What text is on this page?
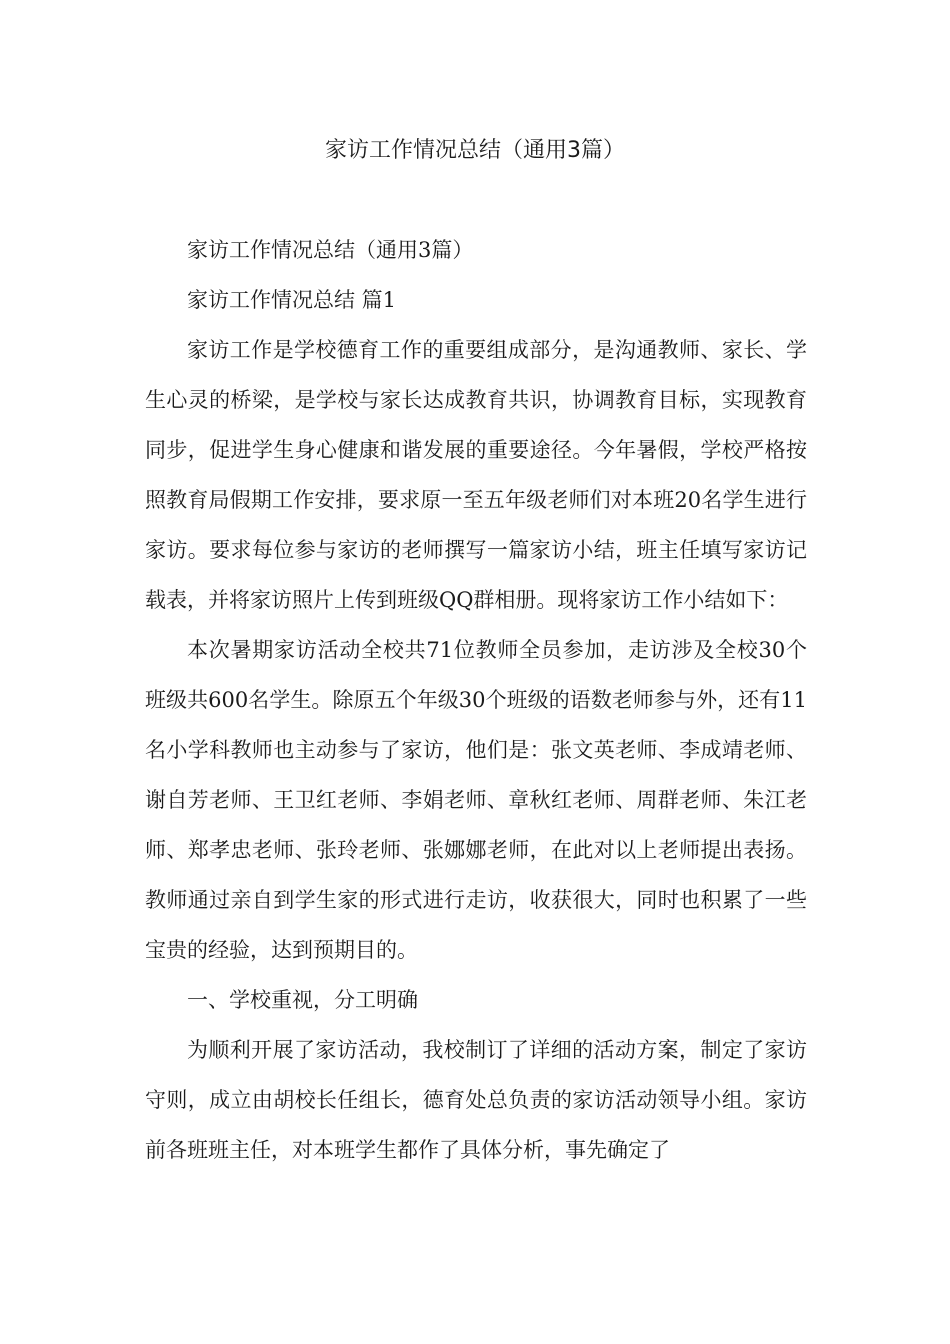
家访工作情况总结（通用3篇）

家访工作情况总结（通用3篇）

家访工作情况总结 篇1

家访工作是学校德育工作的重要组成部分，是沟通教师、家长、学生心灵的桥梁，是学校与家长达成教育共识，协调教育目标，实现教育同步，促进学生身心健康和谐发展的重要途径。今年暑假，学校严格按照教育局假期工作安排，要求原一至五年级老师们对本班20名学生进行家访。要求每位参与家访的老师撰写一篇家访小结，班主任填写家访记载表，并将家访照片上传到班级QQ群相册。现将家访工作小结如下：

本次暑期家访活动全校共71位教师全员参加，走访涉及全校30个班级共600名学生。除原五个年级30个班级的语数老师参与外，还有11名小学科教师也主动参与了家访，他们是：张文英老师、李成靖老师、谢自芳老师、王卫红老师、李娟老师、章秋红老师、周群老师、朱江老师、郑孝忠老师、张玲老师、张娜娜老师，在此对以上老师提出表扬。教师通过亲自到学生家的形式进行走访，收获很大，同时也积累了一些宝贵的经验，达到预期目的。

一、学校重视，分工明确

为顺利开展了家访活动，我校制订了详细的活动方案，制定了家访守则，成立由胡校长任组长，德育处总负责的家访活动领导小组。家访前各班班主任，对本班学生都作了具体分析，事先确定了
